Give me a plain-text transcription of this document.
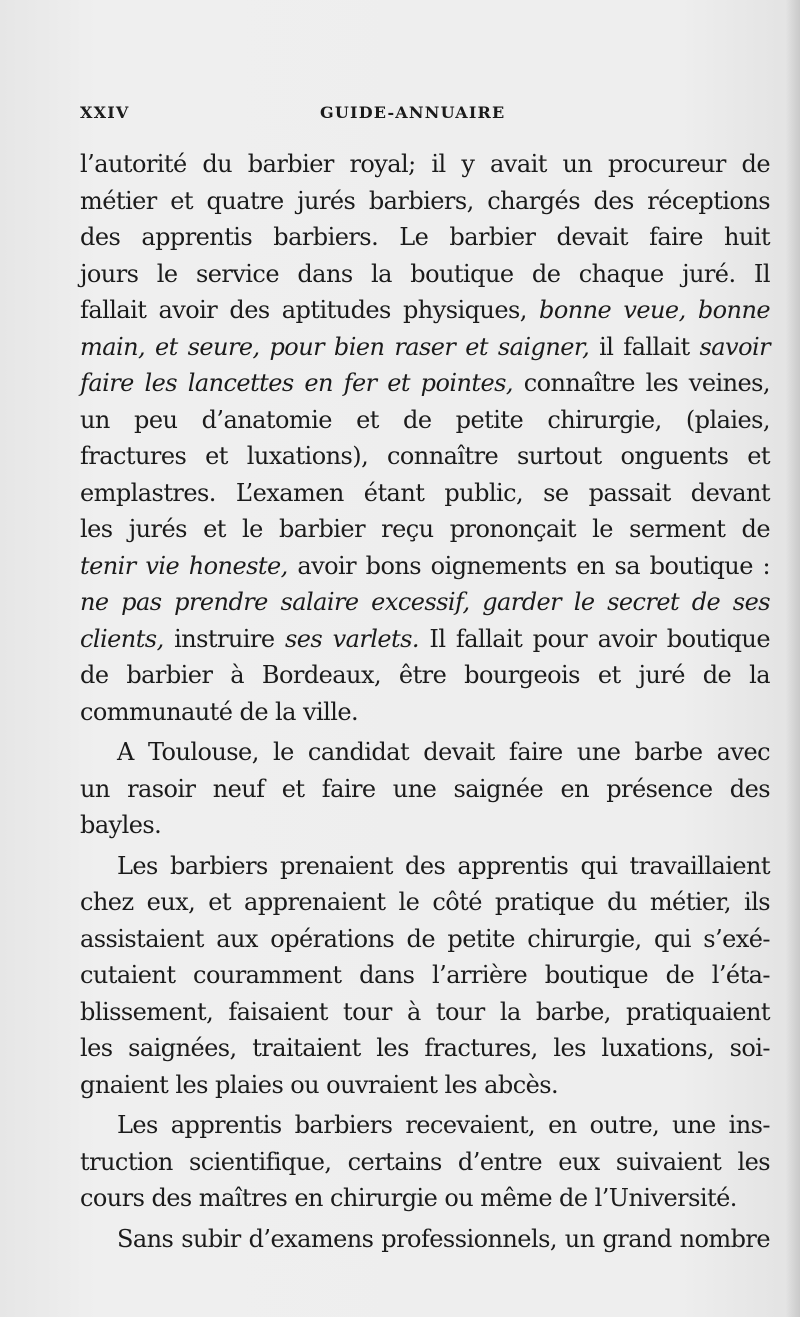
XXIV	GUIDE-ANNUAIRE
l’autorité du barbier royal; il y avait un procureur de
métier et quatre jurés barbiers, chargés des réceptions
des apprentis barbiers. Le barbier devait faire huit
jours le service dans la boutique de chaque juré. Il
fallait avoir des aptitudes physiques, bonne veue, bonne
main, et seure, pour bien raser et saigner, il fallait savoir
faire les lancettes en fer et pointes, connaître les veines,
un peu d’anatomie et de petite chirurgie, (plaies,
fractures et luxations), connaître surtout onguents et
emplastres. L’examen étant public, se passait devant
les jurés et le barbier reçu prononçait le serment de
tenir vie honeste, avoir bons oignements en sa boutique :
ne pas prendre salaire excessif, garder le secret de ses
clients, instruire ses varlets. Il fallait pour avoir boutique
de barbier à Bordeaux, être bourgeois et juré de la
communauté de la ville.
A Toulouse, le candidat devait faire une barbe avec
un rasoir neuf et faire une saignée en présence des
bayles.
Les barbiers prenaient des apprentis qui travaillaient
chez eux, et apprenaient le côté pratique du métier, ils
assistaient aux opérations de petite chirurgie, qui s’exé-
cutaient couramment dans l’arrière boutique de l’éta-
blissement, faisaient tour à tour la barbe, pratiquaient
les saignées, traitaient les fractures, les luxations, soi-
gnaient les plaies ou ouvraient les abcès.
Les apprentis barbiers recevaient, en outre, une ins-
truction scientifique, certains d’entre eux suivaient les
cours des maîtres en chirurgie ou même de l’Université.
Sans subir d’examens professionnels, un grand nombre
